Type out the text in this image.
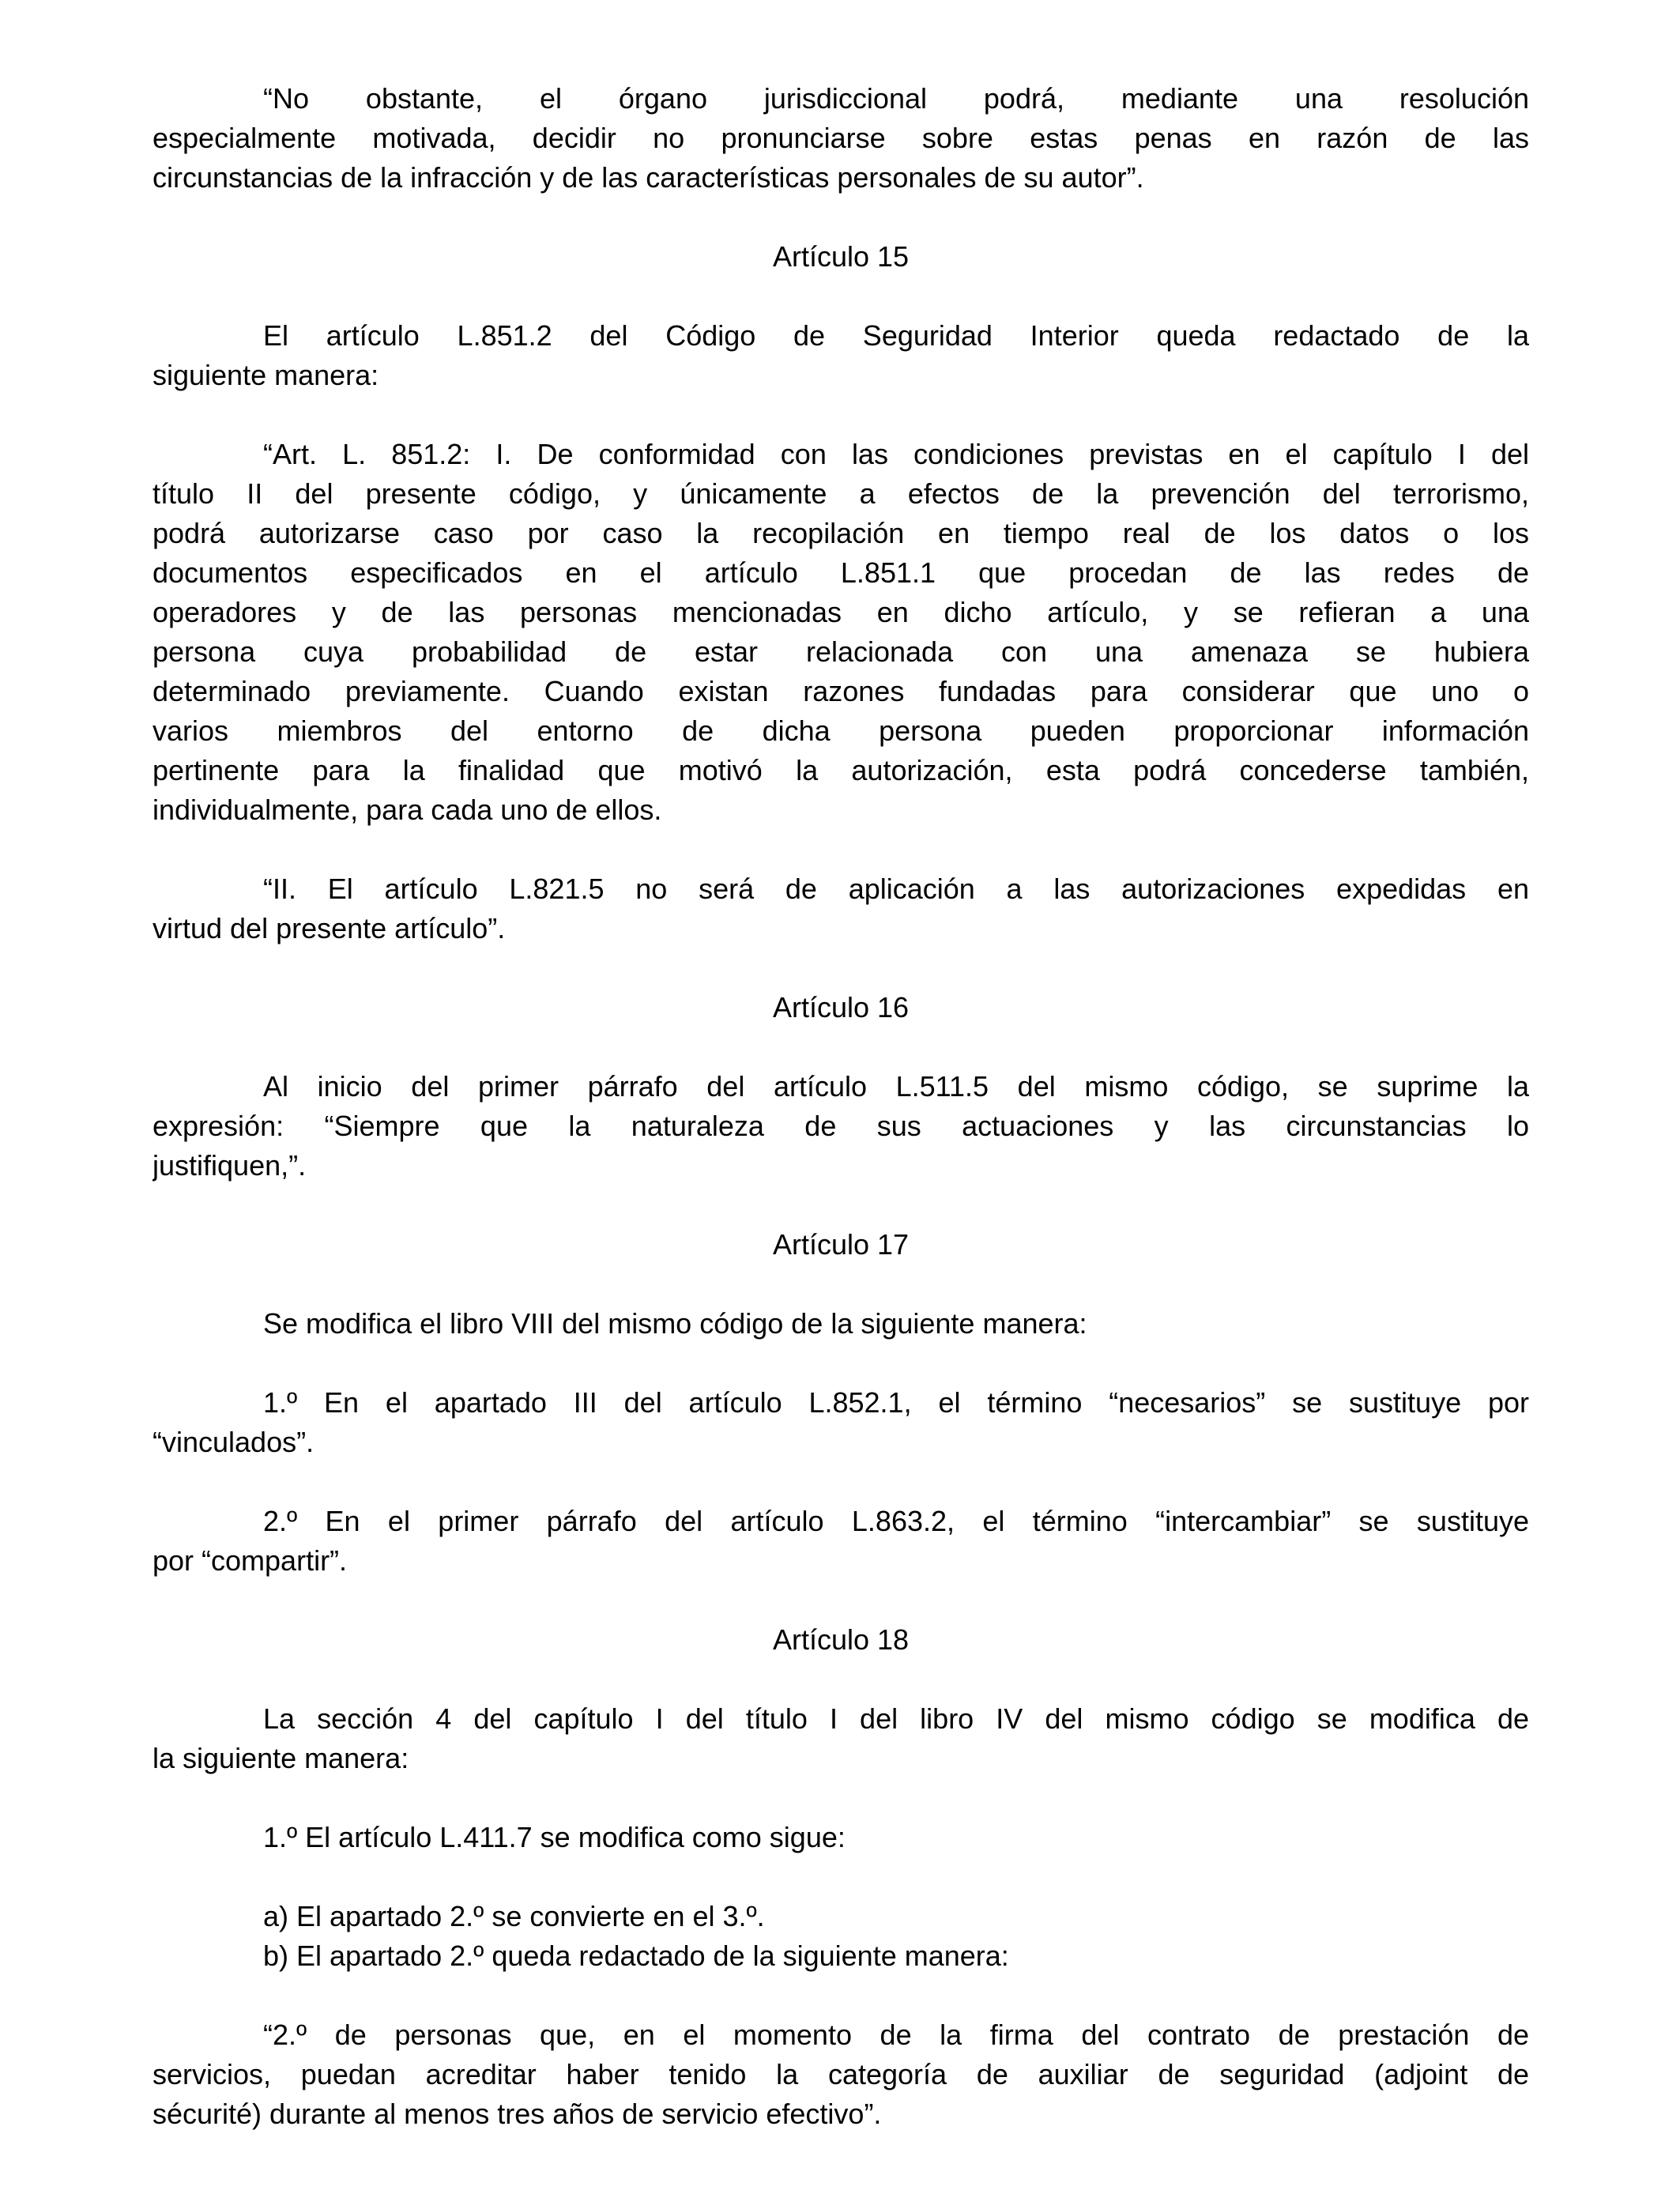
“No obstante, el órgano jurisdiccional podrá, mediante una resolución
especialmente motivada, decidir no pronunciarse sobre estas penas en razón de las
circunstancias de la infracción y de las características personales de su autor”.
Artículo 15
El artículo L.851.2 del Código de Seguridad Interior queda redactado de la
siguiente manera:
“Art. L. 851.2: I. De conformidad con las condiciones previstas en el capítulo I del
título II del presente código, y únicamente a efectos de la prevención del terrorismo,
podrá autorizarse caso por caso la recopilación en tiempo real de los datos o los
documentos especificados en el artículo L.851.1 que procedan de las redes de
operadores y de las personas mencionadas en dicho artículo, y se refieran a una
persona cuya probabilidad de estar relacionada con una amenaza se hubiera
determinado previamente. Cuando existan razones fundadas para considerar que uno o
varios miembros del entorno de dicha persona pueden proporcionar información
pertinente para la finalidad que motivó la autorización, esta podrá concederse también,
individualmente, para cada uno de ellos.
“II. El artículo L.821.5 no será de aplicación a las autorizaciones expedidas en
virtud del presente artículo”.
Artículo 16
Al inicio del primer párrafo del artículo L.511.5 del mismo código, se suprime la
expresión: “Siempre que la naturaleza de sus actuaciones y las circunstancias lo
justifiquen,”.
Artículo 17
Se modifica el libro VIII del mismo código de la siguiente manera:
1.º En el apartado III del artículo L.852.1, el término “necesarios” se sustituye por
“vinculados”.
2.º En el primer párrafo del artículo L.863.2, el término “intercambiar” se sustituye
por “compartir”.
Artículo 18
La sección 4 del capítulo I del título I del libro IV del mismo código se modifica de
la siguiente manera:
1.º El artículo L.411.7 se modifica como sigue:
a) El apartado 2.º se convierte en el 3.º.
b) El apartado 2.º queda redactado de la siguiente manera:
“2.º de personas que, en el momento de la firma del contrato de prestación de
servicios, puedan acreditar haber tenido la categoría de auxiliar de seguridad (adjoint de
sécurité) durante al menos tres años de servicio efectivo”.
